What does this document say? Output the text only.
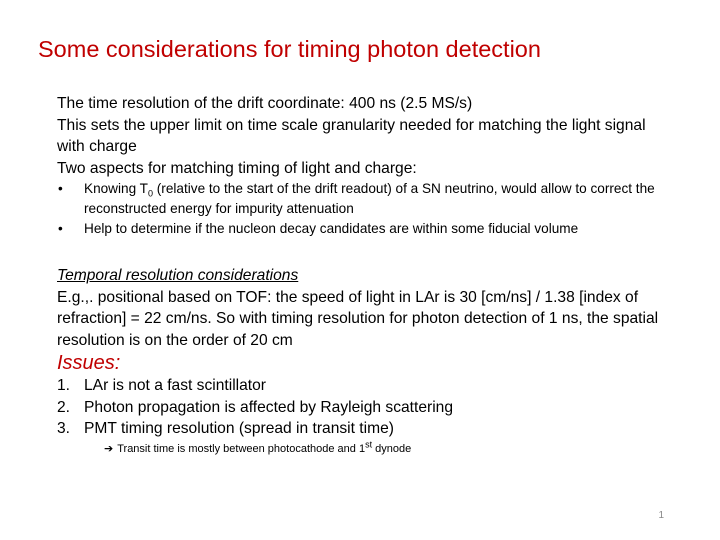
Some considerations for timing photon detection

The time resolution of the drift coordinate: 400 ns (2.5 MS/s)

This sets the upper limit on time scale granularity needed for matching the light signal with charge

Two aspects for matching timing of light and charge:

• Knowing $T_0$ (relative to the start of the drift readout) of a SN neutrino, would allow to correct the reconstructed energy for impurity attenuation
• Help to determine if the nucleon decay candidates are within some fiducial volume

Temporal resolution considerations

E.g.,. positional based on TOF: the speed of light in LAr is 30 [cm/ns] / 1.38 [index of refraction] = 22 cm/ns. So with timing resolution for photon detection of 1 ns, the spatial resolution is on the order of 20 cm

Issues:

1. LAr is not a fast scintillator
2. Photon propagation is affected by Rayleigh scattering
3. PMT timing resolution (spread in transit time)
➔ Transit time is mostly between photocathode and 1st dynode
1
